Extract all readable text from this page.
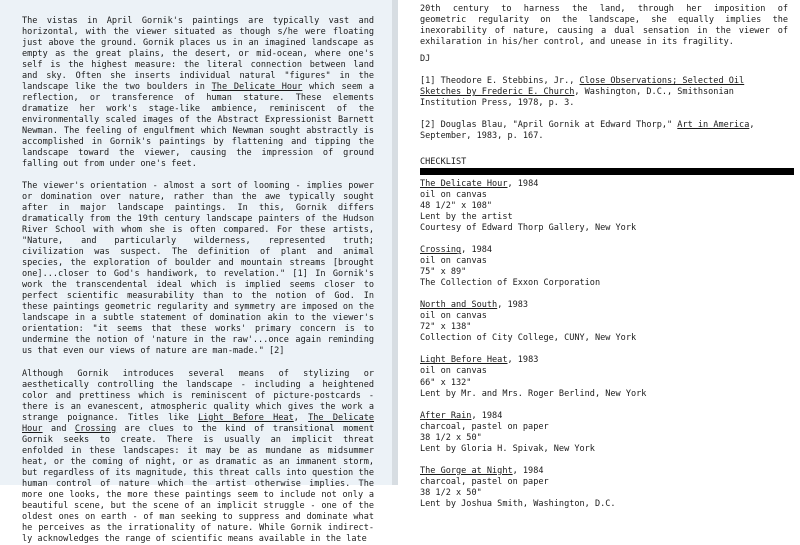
The vistas in April Gornik's paintings are typically vast and
horizontal, with the viewer situated as though s/he were floating
just above the ground. Gornik places us in an imagined landscape as
empty as the great plains, the desert, or mid-ocean, where one's
self is the highest measure: the literal connection between land
and sky. Often she inserts individual natural "figures" in the
landscape like the two boulders in The Delicate Hour which seem a
reflection, or transference of human stature. These elements
dramatize her work's stage-like ambience, reminiscent of the
environmentally scaled images of the Abstract Expressionist Barnett
Newman. The feeling of engulfment which Newman sought abstractly is
accomplished in Gornik's paintings by flattening and tipping the
landscape toward the viewer, causing the impression of ground
falling out from under one's feet.
The viewer's orientation - almost a sort of looming - implies power
or domination over nature, rather than the awe typically sought
after in major landscape paintings. In this, Gornik differs
dramatically from the 19th century landscape painters of the Hudson
River School with whom she is often compared. For these artists,
"Nature, and particularly wilderness, represented truth;
civilization was suspect. The definition of plant and animal
species, the exploration of boulder and mountain streams [brought
one]...closer to God's handiwork, to revelation." [1] In Gornik's
work the transcendental ideal which is implied seems closer to
perfect scientific measurability than to the notion of God. In
these paintings geometric regularity and symmetry are imposed on the
landscape in a subtle statement of domination akin to the viewer's
orientation: "it seems that these works' primary concern is to
undermine the notion of 'nature in the raw'...once again reminding
us that even our views of nature are man-made." [2]
Although Gornik introduces several means of stylizing or
aesthetically controlling the landscape - including a heightened
color and prettiness which is reminiscent of picture-postcards -
there is an evanescent, atmospheric quality which gives the work a
strange poignance. Titles like Light Before Heat, The Delicate
Hour and Crossing are clues to the kind of transitional moment
Gornik seeks to create. There is usually an implicit threat
enfolded in these landscapes: it may be as mundane as midsummer
heat, or the coming of night, or as dramatic as an immanent storm,
but regardless of its magnitude, this threat calls into question the
human control of nature which the artist otherwise implies. The
more one looks, the more these paintings seem to include not only a
beautiful scene, but the scene of an implicit struggle - one of the
oldest ones on earth - of man seeking to suppress and dominate what
he perceives as the irrationality of nature. While Gornik indirect-
ly acknowledges the range of scientific means available in the late
20th century to harness the land, through her imposition of
geometric regularity on the landscape, she equally implies the
inexorability of nature, causing a dual sensation in the viewer of
exhilaration in his/her control, and unease in its fragility.
DJ
[1] Theodore E. Stebbins, Jr., Close Observations; Selected Oil
Sketches by Frederic E. Church, Washington, D.C., Smithsonian
Institution Press, 1978, p. 3.
[2] Douglas Blau, "April Gornik at Edward Thorp," Art in America,
September, 1983, p. 167.
CHECKLIST
The Delicate Hour, 1984
oil on canvas
48 1/2" x 108"
Lent by the artist
Courtesy of Edward Thorp Gallery, New York
Crossing, 1984
oil on canvas
75" x 89"
The Collection of Exxon Corporation
North and South, 1983
oil on canvas
72" x 138"
Collection of City College, CUNY, New York
Light Before Heat, 1983
oil on canvas
66" x 132"
Lent by Mr. and Mrs. Roger Berlind, New York
After Rain, 1984
charcoal, pastel on paper
38 1/2 x 50"
Lent by Gloria H. Spivak, New York
The Gorge at Night, 1984
charcoal, pastel on paper
38 1/2 x 50"
Lent by Joshua Smith, Washington, D.C.
